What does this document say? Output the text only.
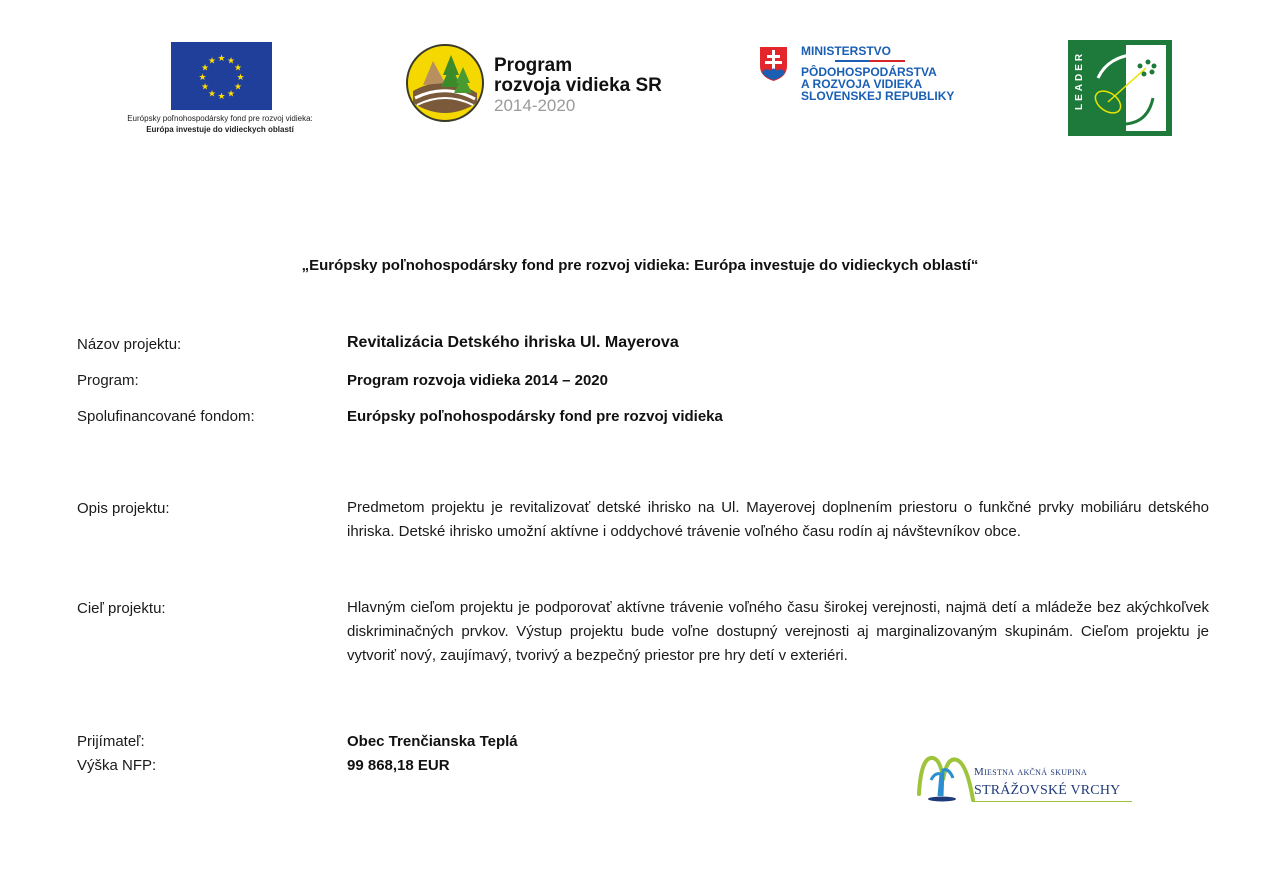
★ ★
★
★
★
★
★
★
★
★
★
★
Európsky poľnohospodársky fond pre rozvoj vidieka:
Európa investuje do vidieckych oblastí
Program
rozvoja vidieka SR
2014-2020
MINISTERSTVO
PÔDOHOSPODÁRSTVA
A ROZVOJA VIDIEKA
SLOVENSKEJ REPUBLIKY	LEADER
„Európsky poľnohospodársky fond pre rozvoj vidieka: Európa investuje do vidieckych oblastí“
Názov projektu:	Revitalizácia Detského ihriska Ul. Mayerova
Program:	Program rozvoja vidieka 2014 – 2020
Spolufinancované fondom:	Európsky poľnohospodársky fond pre rozvoj vidieka
Opis projektu:	Predmetom projektu je revitalizovať detské ihrisko na Ul. Mayerovej doplnením priestoru o funkčné prvky mobiliáru detského ihriska. Detské ihrisko umožní aktívne i oddychové trávenie voľného času rodín aj návštevníkov obce.
Cieľ projektu:	Hlavným cieľom projektu je podporovať aktívne trávenie voľného času širokej verejnosti, najmä detí a mládeže bez akýchkoľvek diskriminačných prvkov. Výstup projektu bude voľne dostupný verejnosti aj marginalizovaným skupinám. Cieľom projektu je vytvoriť nový, zaujímavý, tvorivý a bezpečný priestor pre hry detí v exteriéri.
Prijímateľ:	Obec Trenčianska Teplá
Výška NFP:	99 868,18 EUR	Miestna akčná skupina
STRÁŽOVSKÉ VRCHY
